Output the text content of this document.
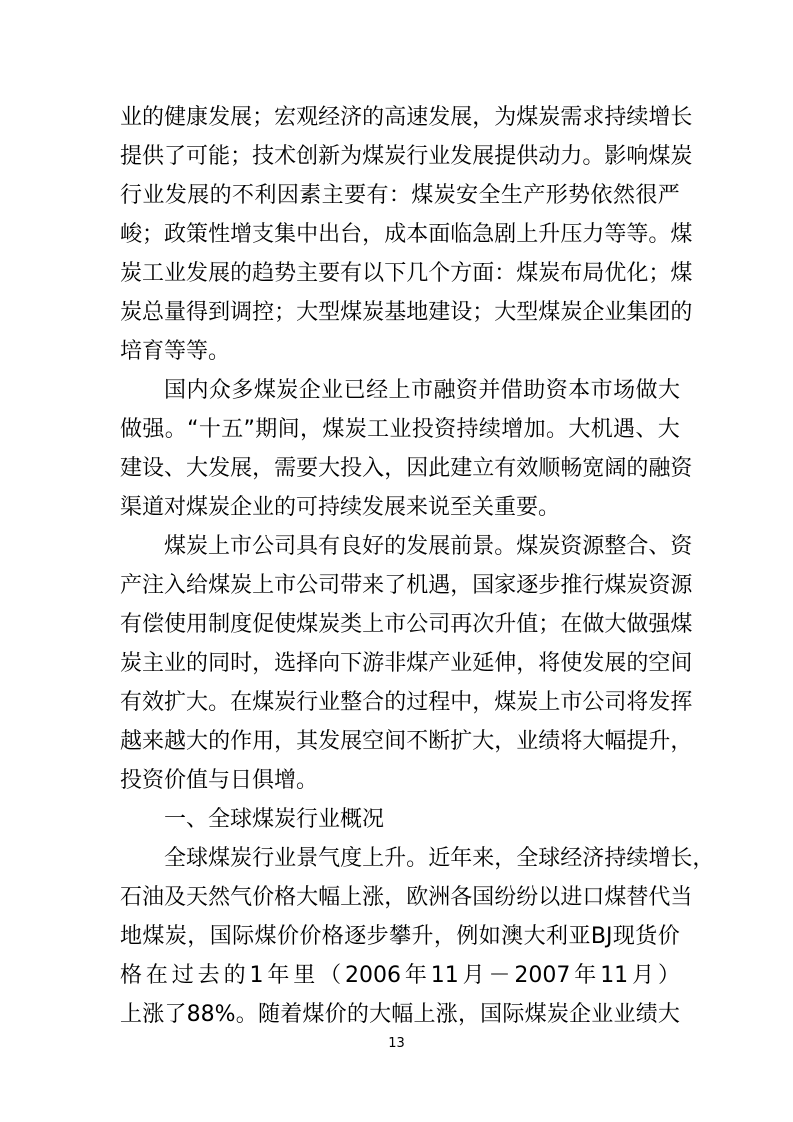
业 的 健 康 发 展 ； 宏 观 经 济 的 高 速 发 展 ， 为 煤 炭 需 求 持 续 增 长
提 供 了 可 能 ； 技 术 创 新 为 煤 炭 行 业 发 展 提 供 动 力 。 影 响 煤 炭
行 业 发 展 的 不 利 因 素 主 要 有 ： 煤 炭 安 全 生 产 形 势 依 然 很 严
峻 ； 政 策 性 增 支 集 中 出 台 ， 成 本 面 临 急 剧 上 升 压 力 等 等 。 煤
炭 工 业 发 展 的 趋 势 主 要 有 以 下 几 个 方 面 ： 煤 炭 布 局 优 化 ； 煤
炭 总 量 得 到 调 控 ； 大 型 煤 炭 基 地 建 设 ； 大 型 煤 炭 企 业 集 团 的
培育等等。
国 内 众 多 煤 炭 企 业 已 经 上 市 融 资 并 借 助 资 本 市 场 做 大
做 强 。 “ 十 五 ” 期 间 ， 煤 炭 工 业 投 资 持 续 增 加 。 大 机 遇 、 大
建 设 、 大 发 展 ， 需 要 大 投 入 ， 因 此 建 立 有 效 顺 畅 宽 阔 的 融 资
渠道对煤炭企业的可持续发展来说至关重要。
煤 炭 上 市 公 司 具 有 良 好 的 发 展 前 景 。 煤 炭 资 源 整 合 、 资
产 注 入 给 煤 炭 上 市 公 司 带 来 了 机 遇 ， 国 家 逐 步 推 行 煤 炭 资 源
有 偿 使 用 制 度 促 使 煤 炭 类 上 市 公 司 再 次 升 值 ； 在 做 大 做 强 煤
炭 主 业 的 同 时 ， 选 择 向 下 游 非 煤 产 业 延 伸 ， 将 使 发 展 的 空 间
有 效 扩 大 。 在 煤 炭 行 业 整 合 的 过 程 中 ， 煤 炭 上 市 公 司 将 发 挥
越 来 越 大 的 作 用 ， 其 发 展 空 间 不 断 扩 大 ， 业 绩 将 大 幅 提 升 ，
投资价值与日俱增。
一、全球煤炭行业概况
全 球 煤 炭 行 业 景 气 度 上 升 。 近 年 来 ， 全 球 经 济 持 续 增 长 ，
石 油 及 天 然 气 价 格 大 幅 上 涨 ， 欧 洲 各 国 纷 纷 以 进 口 煤 替 代 当
地 煤 炭 ， 国 际 煤 价 价 格 逐 步 攀 升 ， 例 如 澳 大 利 亚 BJ 现 货 价
格 在 过 去 的 1 年 里 （ 2006 年 11 月 － 2007 年 11 月 ）
上 涨 了 88% 。 随 着 煤 价 的 大 幅 上 涨 ， 国 际 煤 炭 企 业 业 绩 大
13
